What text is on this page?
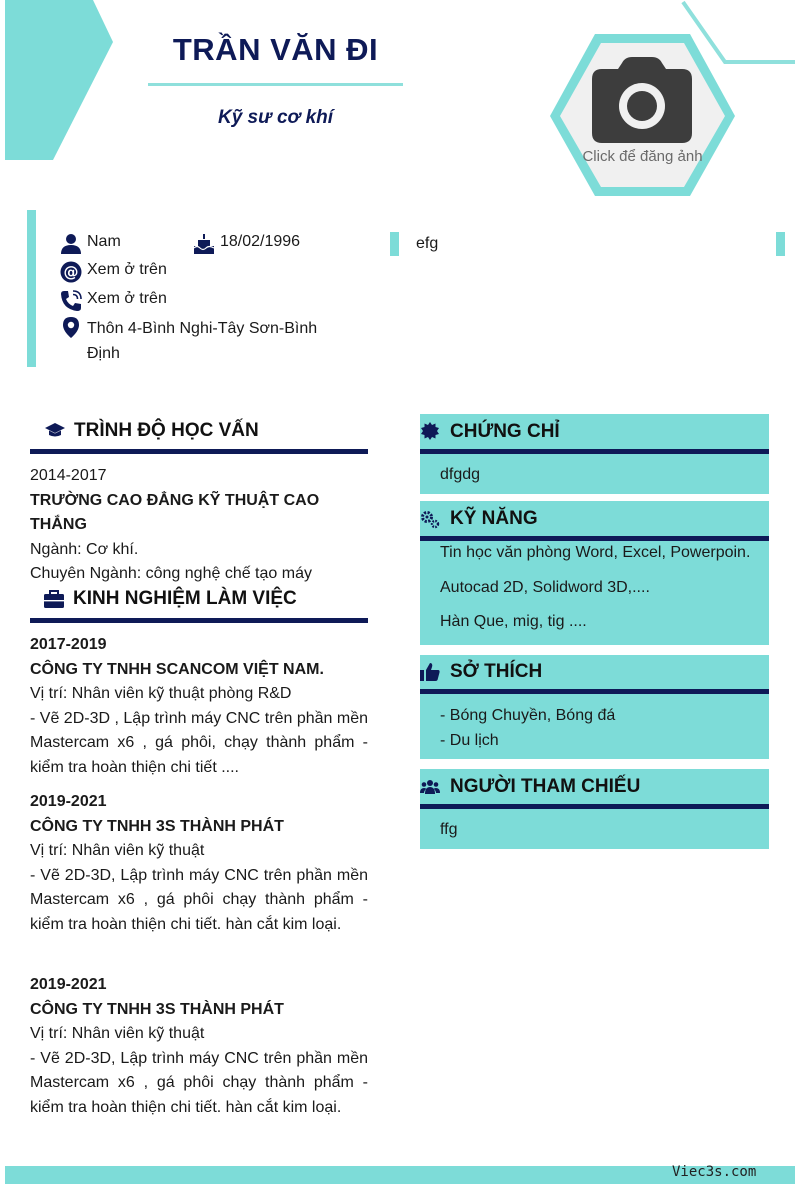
TRẦN VĂN ĐI
Kỹ sư cơ khí
Click để đăng ảnh
Nam	18/02/1996
@ Xem ở trên
Xem ở trên
Thôn 4-Bình Nghi-Tây Sơn-Bình Định
efg
TRÌNH ĐỘ HỌC VẤN
2014-2017
TRƯỜNG CAO ĐẲNG KỸ THUẬT CAO THẮNG
Ngành: Cơ khí.
Chuyên Ngành: công nghệ chế tạo máy
KINH NGHIỆM LÀM VIỆC
2017-2019
CÔNG TY TNHH SCANCOM VIỆT NAM.
Vị trí: Nhân viên kỹ thuật phòng R&D
- Vẽ 2D-3D , Lập trình máy CNC trên phần mền Mastercam x6 , gá phôi, chạy thành phẩm - kiểm tra hoàn thiện chi tiết ....
2019-2021
CÔNG TY TNHH 3S THÀNH PHÁT
Vị trí: Nhân viên kỹ thuật
- Vẽ 2D-3D, Lập trình máy CNC trên phần mền Mastercam x6 , gá phôi chạy thành phẩm - kiểm tra hoàn thiện chi tiết. hàn cắt kim loại.
2019-2021
CÔNG TY TNHH 3S THÀNH PHÁT
Vị trí: Nhân viên kỹ thuật
- Vẽ 2D-3D, Lập trình máy CNC trên phần mền Mastercam x6 , gá phôi chạy thành phẩm - kiểm tra hoàn thiện chi tiết. hàn cắt kim loại.
CHỨNG CHỈ
dfgdg
KỸ NĂNG
Tin học văn phòng Word, Excel, Powerpoin.
Autocad 2D, Solidword 3D,....
Hàn Que, mig, tig ....
SỞ THÍCH
- Bóng Chuyền, Bóng đá
- Du lịch
NGƯỜI THAM CHIẾU
ffg
Viec3s.com
